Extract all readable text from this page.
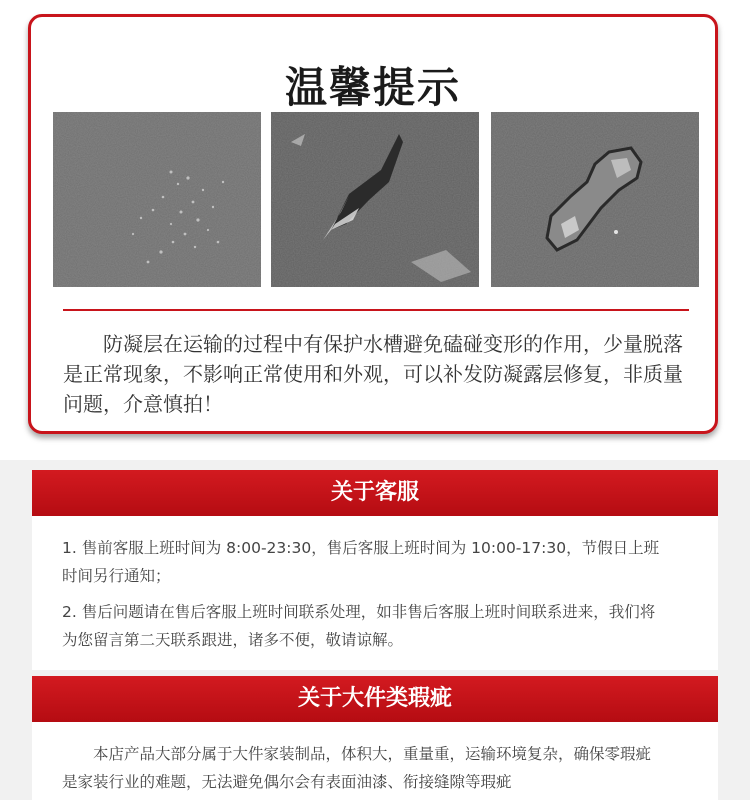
温馨提示
防凝层在运输的过程中有保护水槽避免磕碰变形的作用，少量脱落是正常现象，不影响正常使用和外观，可以补发防凝露层修复，非质量问题，介意慎拍！
关于客服
1. 售前客服上班时间为 8:00-23:30，售后客服上班时间为 10:00-17:30，节假日上班时间另行通知；
2. 售后问题请在售后客服上班时间联系处理，如非售后客服上班时间联系进来，我们将为您留言第二天联系跟进，诸多不便，敬请谅解。
关于大件类瑕疵
本店产品大部分属于大件家装制品，体积大，重量重，运输环境复杂，确保零瑕疵是家装行业的难题，无法避免偶尔会有表面油漆、衔接缝隙等瑕疵
